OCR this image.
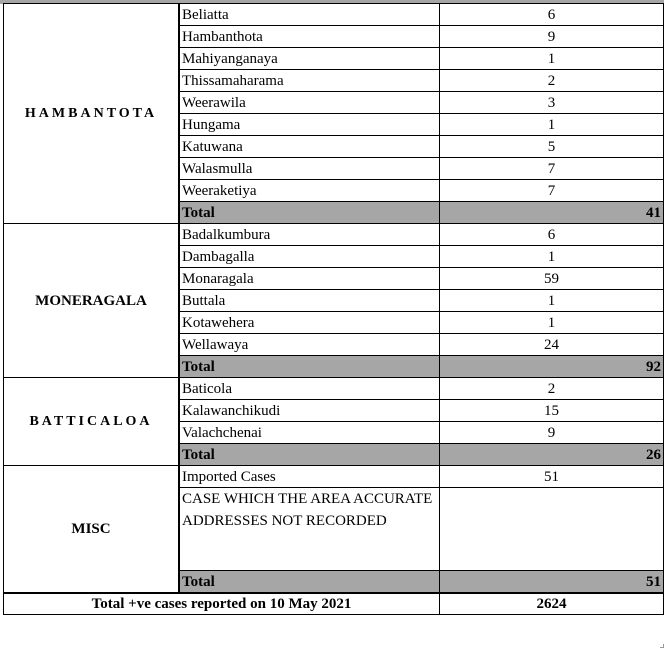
HAMBANTOTA	Beliatta	6
	Hambanthota	9
	Mahiyanganaya	1
	Thissamaharama	2
	Weerawila	3
	Hungama	1
	Katuwana	5
	Walasmulla	7
	Weeraketiya	7
	Total	41
MONERAGALA	Badalkumbura	6
	Dambagalla	1
	Monaragala	59
	Buttala	1
	Kotawehera	1
	Wellawaya	24
	Total	92
BATTICALOA	Baticola	2
	Kalawanchikudi	15
	Valachchenai	9
	Total	26
MISC	Imported Cases	51
	CASE WHICH THE AREA ACCURATE ADDRESSES NOT RECORDED	
	Total	51
Total +ve cases reported on 10 May 2021		2624
